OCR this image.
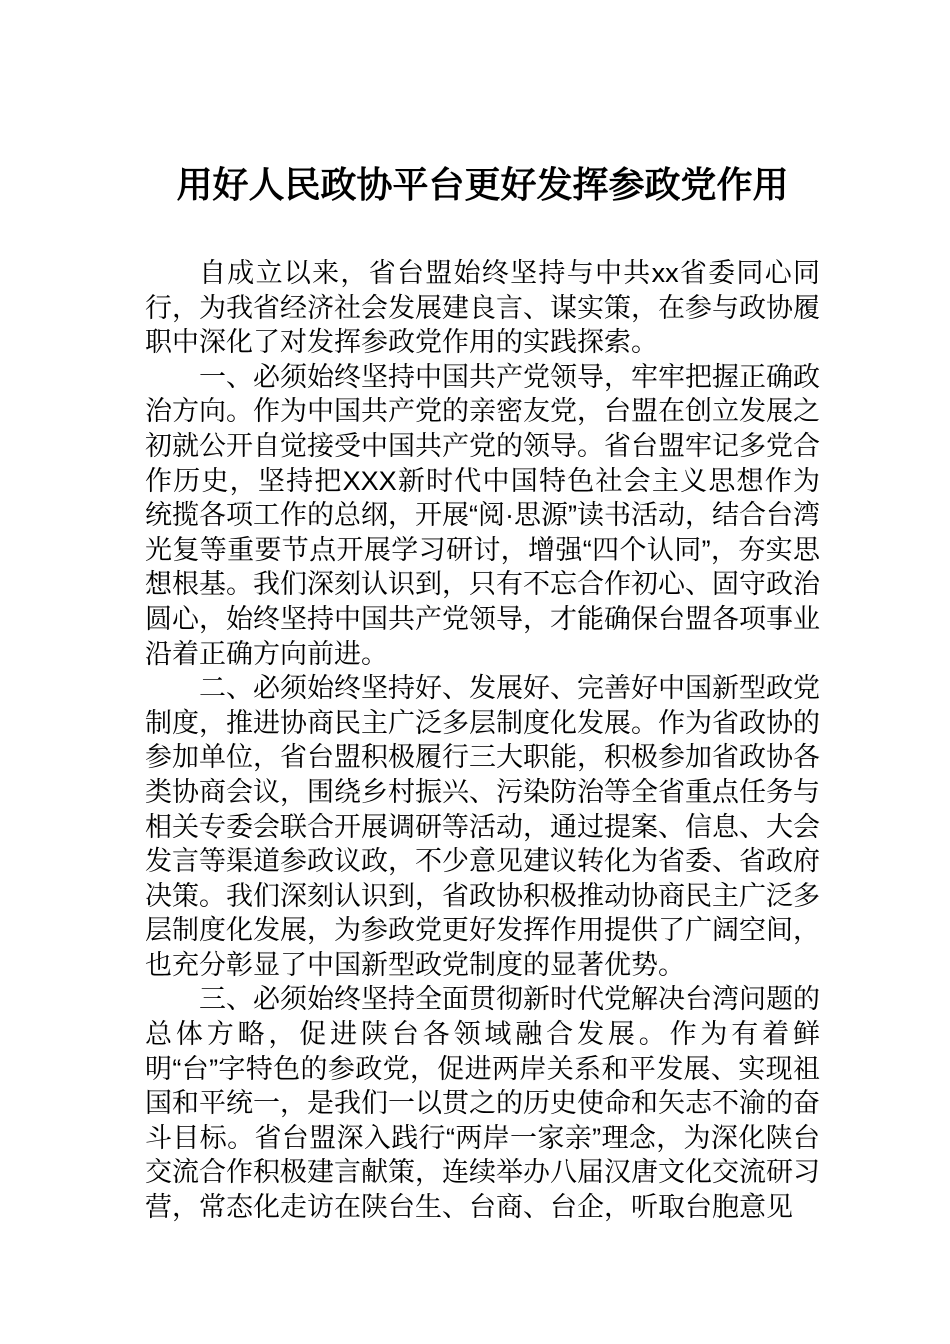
用好人民政协平台更好发挥参政党作用

自成立以来，省台盟始终坚持与中共xx省委同心同行，为我省经济社会发展建良言、谋实策，在参与政协履职中深化了对发挥参政党作用的实践探索。

一、必须始终坚持中国共产党领导，牢牢把握正确政治方向。作为中国共产党的亲密友党，台盟在创立发展之初就公开自觉接受中国共产党的领导。省台盟牢记多党合作历史，坚持把XXX新时代中国特色社会主义思想作为统揽各项工作的总纲，开展“阅·思源”读书活动，结合台湾光复等重要节点开展学习研讨，增强“四个认同”，夯实思想根基。我们深刻认识到，只有不忘合作初心、固守政治圆心，始终坚持中国共产党领导，才能确保台盟各项事业沿着正确方向前进。

二、必须始终坚持好、发展好、完善好中国新型政党制度，推进协商民主广泛多层制度化发展。作为省政协的参加单位，省台盟积极履行三大职能，积极参加省政协各类协商会议，围绕乡村振兴、污染防治等全省重点任务与相关专委会联合开展调研等活动，通过提案、信息、大会发言等渠道参政议政，不少意见建议转化为省委、省政府决策。我们深刻认识到，省政协积极推动协商民主广泛多层制度化发展，为参政党更好发挥作用提供了广阔空间，也充分彰显了中国新型政党制度的显著优势。

三、必须始终坚持全面贯彻新时代党解决台湾问题的总体方略，促进陕台各领域融合发展。作为有着鲜明“台”字特色的参政党，促进两岸关系和平发展、实现祖国和平统一，是我们一以贯之的历史使命和矢志不渝的奋斗目标。省台盟深入践行“两岸一家亲”理念，为深化陕台交流合作积极建言献策，连续举办八届汉唐文化交流研习营，常态化走访在陕台生、台商、台企，听取台胞意见
